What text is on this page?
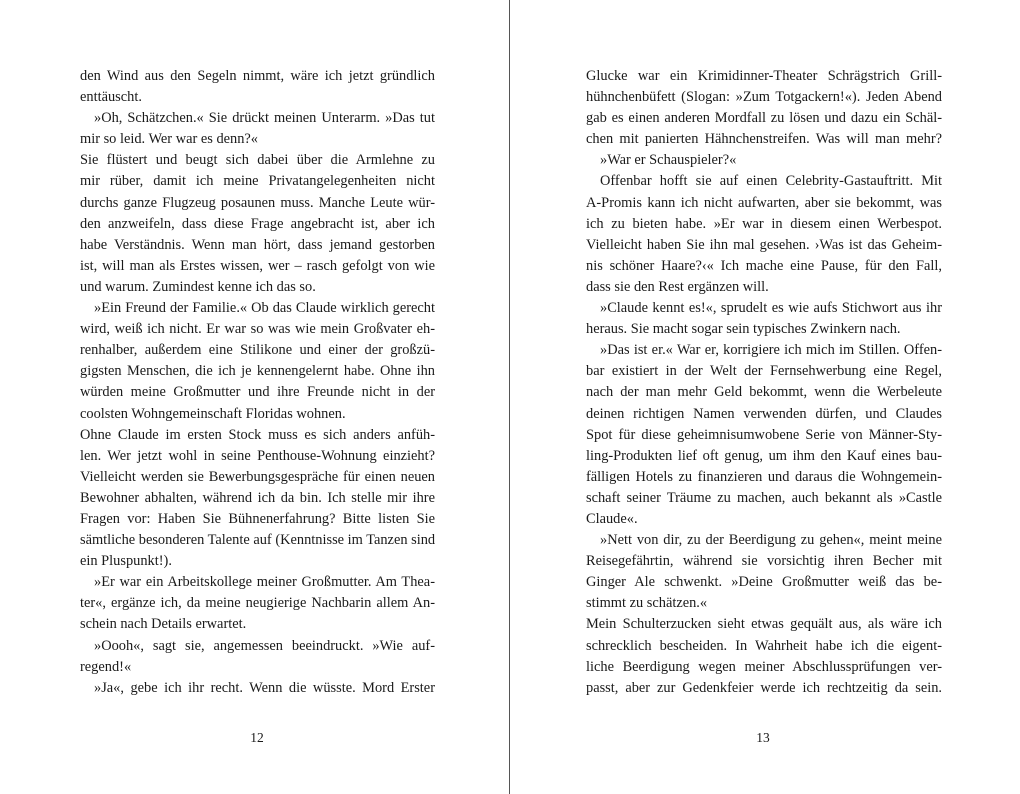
den Wind aus den Segeln nimmt, wäre ich jetzt gründlich
enttäuscht.
»Oh, Schätzchen.« Sie drückt meinen Unterarm. »Das tut
mir so leid. Wer war es denn?«
Sie flüstert und beugt sich dabei über die Armlehne zu
mir rüber, damit ich meine Privatangelegenheiten nicht
durchs ganze Flugzeug posaunen muss. Manche Leute wür-
den anzweifeln, dass diese Frage angebracht ist, aber ich
habe Verständnis. Wenn man hört, dass jemand gestorben
ist, will man als Erstes wissen, wer – rasch gefolgt von wie
und warum. Zumindest kenne ich das so.
»Ein Freund der Familie.« Ob das Claude wirklich gerecht
wird, weiß ich nicht. Er war so was wie mein Großvater eh-
renhalber, außerdem eine Stilikone und einer der großzü-
gigsten Menschen, die ich je kennengelernt habe. Ohne ihn
würden meine Großmutter und ihre Freunde nicht in der
coolsten Wohngemeinschaft Floridas wohnen.
Ohne Claude im ersten Stock muss es sich anders anfüh-
len. Wer jetzt wohl in seine Penthouse-Wohnung einzieht?
Vielleicht werden sie Bewerbungsgespräche für einen neuen
Bewohner abhalten, während ich da bin. Ich stelle mir ihre
Fragen vor: Haben Sie Bühnenerfahrung? Bitte listen Sie
sämtliche besonderen Talente auf (Kenntnisse im Tanzen sind
ein Pluspunkt!).
»Er war ein Arbeitskollege meiner Großmutter. Am Thea-
ter«, ergänze ich, da meine neugierige Nachbarin allem An-
schein nach Details erwartet.
»Oooh«, sagt sie, angemessen beeindruckt. »Wie auf-
regend!«
»Ja«, gebe ich ihr recht. Wenn die wüsste. Mord Erster
12
Glucke war ein Krimidinner-Theater Schrägstrich Grill-
hühnchenbüfett (Slogan: »Zum Totgackern!«). Jeden Abend
gab es einen anderen Mordfall zu lösen und dazu ein Schäl-
chen mit panierten Hähnchenstreifen. Was will man mehr?
»War er Schauspieler?«
Offenbar hofft sie auf einen Celebrity-Gastauftritt. Mit
A-Promis kann ich nicht aufwarten, aber sie bekommt, was
ich zu bieten habe. »Er war in diesem einen Werbespot.
Vielleicht haben Sie ihn mal gesehen. ›Was ist das Geheim-
nis schöner Haare?‹« Ich mache eine Pause, für den Fall,
dass sie den Rest ergänzen will.
»Claude kennt es!«, sprudelt es wie aufs Stichwort aus ihr
heraus. Sie macht sogar sein typisches Zwinkern nach.
»Das ist er.« War er, korrigiere ich mich im Stillen. Offen-
bar existiert in der Welt der Fernsehwerbung eine Regel,
nach der man mehr Geld bekommt, wenn die Werbeleute
deinen richtigen Namen verwenden dürfen, und Claudes
Spot für diese geheimnisumwobene Serie von Männer-Sty-
ling-Produkten lief oft genug, um ihm den Kauf eines bau-
fälligen Hotels zu finanzieren und daraus die Wohngemein-
schaft seiner Träume zu machen, auch bekannt als »Castle
Claude«.
»Nett von dir, zu der Beerdigung zu gehen«, meint meine
Reisegefährtin, während sie vorsichtig ihren Becher mit
Ginger Ale schwenkt. »Deine Großmutter weiß das be-
stimmt zu schätzen.«
Mein Schulterzucken sieht etwas gequält aus, als wäre ich
schrecklich bescheiden. In Wahrheit habe ich die eigent-
liche Beerdigung wegen meiner Abschlussprüfungen ver-
passt, aber zur Gedenkfeier werde ich rechtzeitig da sein.
13
